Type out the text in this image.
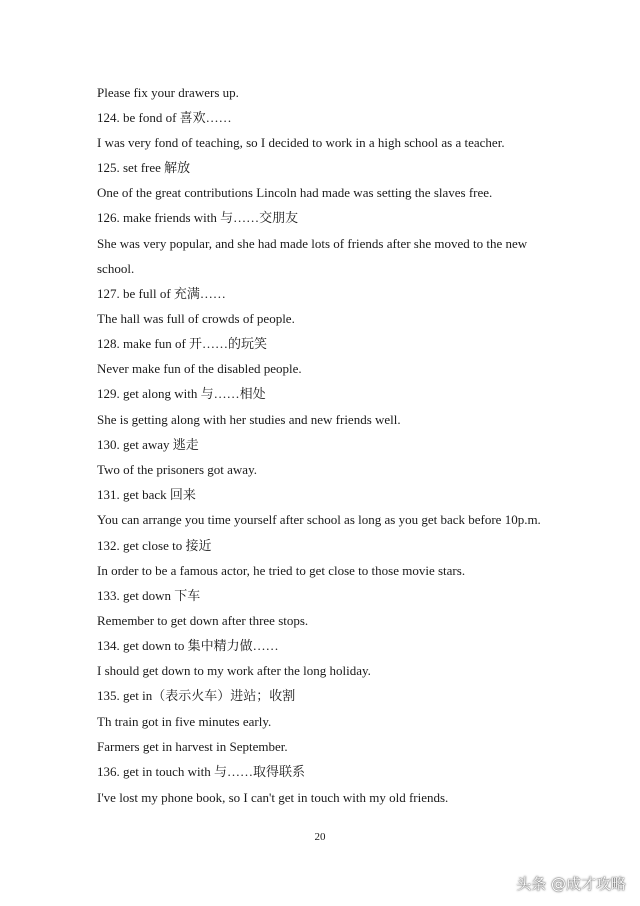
Please fix your drawers up.
124. be fond of 喜欢……
I was very fond of teaching, so I decided to work in a high school as a teacher.
125. set free 解放
One of the great contributions Lincoln had made was setting the slaves free.
126. make friends with 与……交朋友
She was very popular, and she had made lots of friends after she moved to the new
school.
127. be full of 充满……
The hall was full of crowds of people.
128. make fun of 开……的玩笑
Never make fun of the disabled people.
129. get along with 与……相处
She is getting along with her studies and new friends well.
130. get away 逃走
Two of the prisoners got away.
131. get back 回来
You can arrange you time yourself after school as long as you get back before 10p.m.
132. get close to 接近
In order to be a famous actor, he tried to get close to those movie stars.
133. get down 下车
Remember to get down after three stops.
134. get down to 集中精力做……
I should get down to my work after the long holiday.
135. get in（表示火车）进站；收割
Th train got in five minutes early.
Farmers get in harvest in September.
136. get in touch with 与……取得联系
I've lost my phone book, so I can't get in touch with my old friends.
20
头条 @成才攻略
